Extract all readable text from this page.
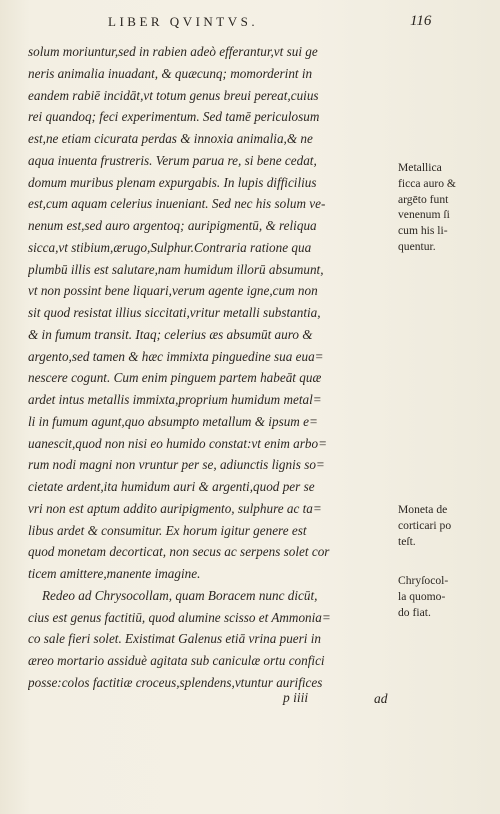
LIBER QVINTVS.	116
solum moriuntur,sed in rabien adeò efferantur,vt sui ge
neris animalia inuadant, & quæcunq; momorderint in
eandem rabiē incidāt,vt totum genus breui pereat,cuius
rei quandoq; feci experimentum. Sed tamē periculosum
est,ne etiam cicurata perdas & innoxia animalia,& ne
aqua inuenta frustreris. Verum parua re, si bene cedat,
domum muribus plenam expurgabis. In lupis difficilius
est,cum aquam celerius inueniant. Sed nec his solum ve-
nenum est,sed auro argentoq; auripigmentū, & reliqua
sicca,vt stibium,ærugo,Sulphur.Contraria ratione qua
plumbū illis est salutare,nam humidum illorū absumunt,
vt non possint bene liquari,verum agente igne,cum non
sit quod resistat illius siccitati,vritur metalli substantia,
& in fumum transit. Itaq; celerius æs absumūt auro &
argento,sed tamen & hæc immixta pinguedine sua eua=
nescere cogunt. Cum enim pinguem partem habeāt quæ
ardet intus metallis immixta,proprium humidum metal=
li in fumum agunt,quo absumpto metallum & ipsum e=
uanescit,quod non nisi eo humido constat:vt enim arbo=
rum nodi magni non vruntur per se, adiunctis lignis so=
cietate ardent,ita humidum auri & argenti,quod per se
vri non est aptum addito auripigmento, sulphure ac ta=
libus ardet & consumitur. Ex horum igitur genere est
quod monetam decorticat, non secus ac serpens solet cor
ticem amittere,manente imagine.
Redeo ad Chrysocollam, quam Boracem nunc dicūt,
cius est genus factitiū, quod alumine scisso et Ammonia=
co sale fieri solet. Existimat Galenus etiā vrina pueri in
æreo mortario assiduè agitata sub caniculæ ortu confici
posse:colos factitiæ croceus,splendens,vtuntur aurifices
Metallica
ficca auro &
argēto funt
venenum ſi
cum his li-
quentur.
Moneta de
corticari po
teſt.
Chryſocol-
la quomo-
do fiat.
p iiii	ad
